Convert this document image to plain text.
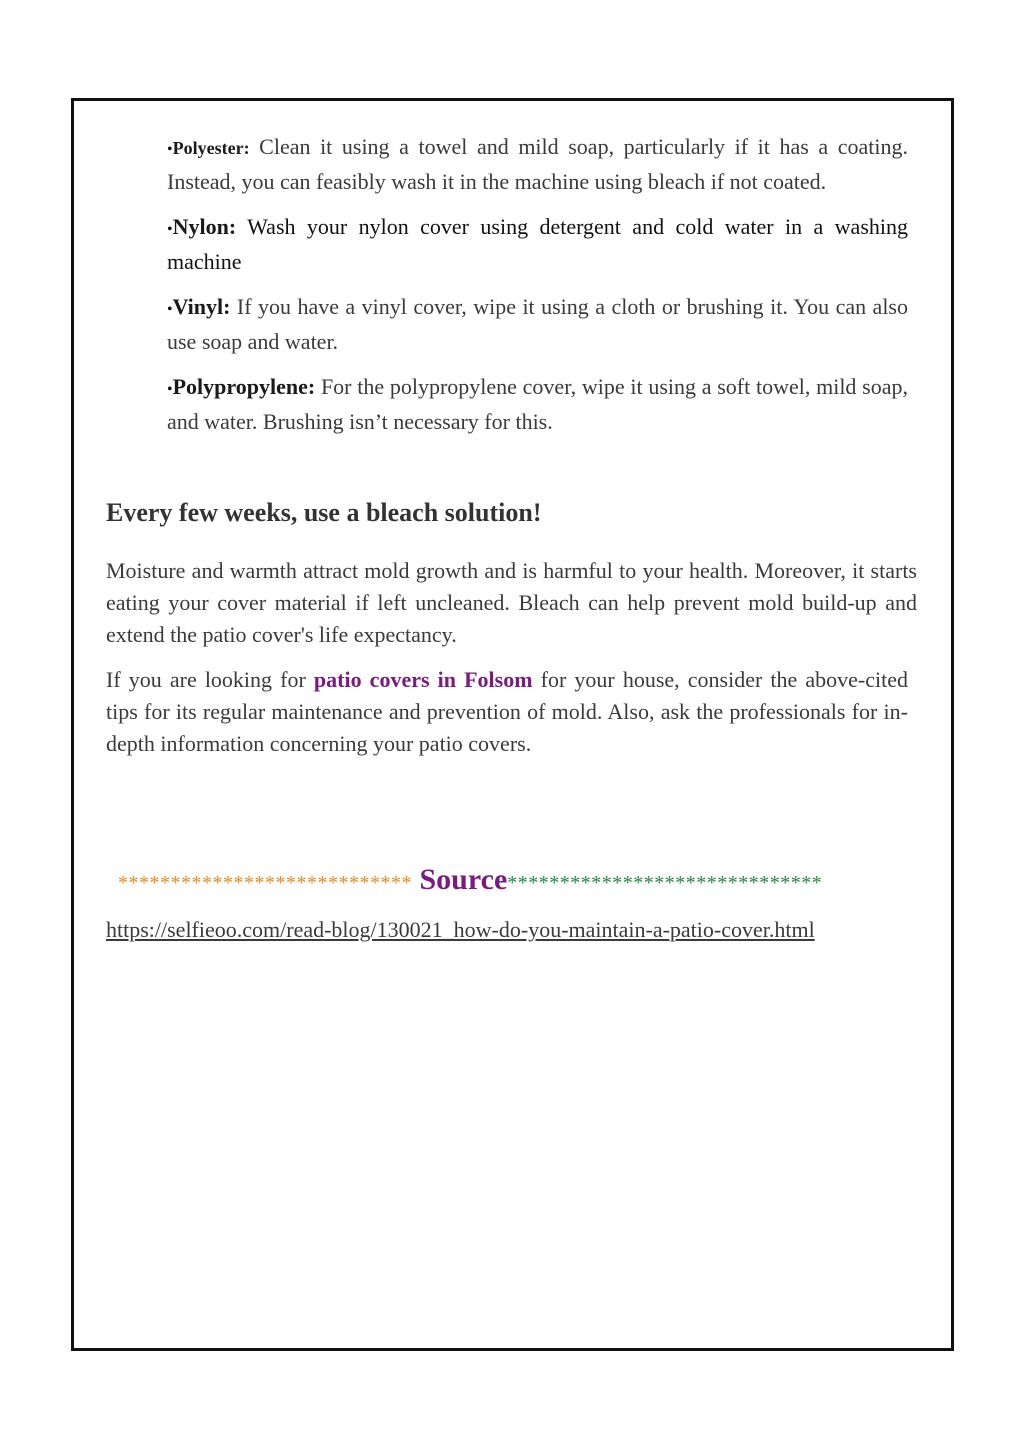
•Polyester: Clean it using a towel and mild soap, particularly if it has a coating. Instead, you can feasibly wash it in the machine using bleach if not coated.

•Nylon: Wash your nylon cover using detergent and cold water in a washing machine

•Vinyl: If you have a vinyl cover, wipe it using a cloth or brushing it. You can also use soap and water.

•Polypropylene: For the polypropylene cover, wipe it using a soft towel, mild soap, and water. Brushing isn’t necessary for this.

Every few weeks, use a bleach solution!

Moisture and warmth attract mold growth and is harmful to your health. Moreover, it starts eating your cover material if left uncleaned. Bleach can help prevent mold build-up and extend the patio cover's life expectancy.

If you are looking for patio covers in Folsom for your house, consider the above-cited tips for its regular maintenance and prevention of mold. Also, ask the professionals for in-depth information concerning your patio covers.

**************************** Source******************************
https://selfieoo.com/read-blog/130021_how-do-you-maintain-a-patio-cover.html
